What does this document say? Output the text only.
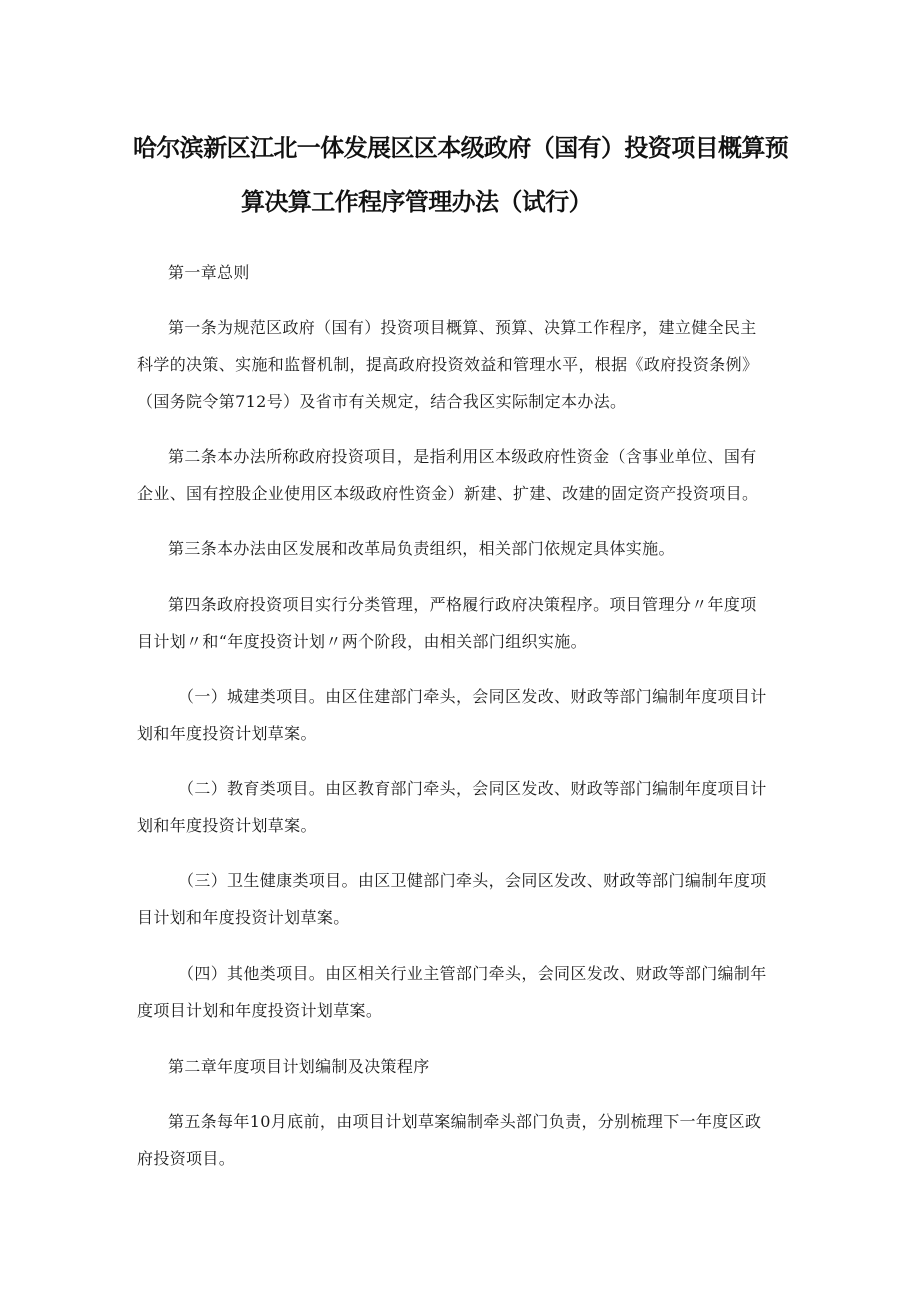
哈尔滨新区江北一体发展区区本级政府（国有）投资项目概算预
算决算工作程序管理办法（试行）
第一章总则
第一条为规范区政府（国有）投资项目概算、预算、决算工作程序，建立健全民主
科学的决策、实施和监督机制，提高政府投资效益和管理水平，根据《政府投资条例》
（国务院令第712号）及省市有关规定，结合我区实际制定本办法。
第二条本办法所称政府投资项目，是指利用区本级政府性资金（含事业单位、国有
企业、国有控股企业使用区本级政府性资金）新建、扩建、改建的固定资产投资项目。
第三条本办法由区发展和改革局负责组织，相关部门依规定具体实施。
第四条政府投资项目实行分类管理，严格履行政府决策程序。项目管理分〃年度项
目计划〃和“年度投资计划〃两个阶段，由相关部门组织实施。
（一）城建类项目。由区住建部门牵头，会同区发改、财政等部门编制年度项目计
划和年度投资计划草案。
（二）教育类项目。由区教育部门牵头，会同区发改、财政等部门编制年度项目计
划和年度投资计划草案。
（三）卫生健康类项目。由区卫健部门牵头，会同区发改、财政等部门编制年度项
目计划和年度投资计划草案。
（四）其他类项目。由区相关行业主管部门牵头，会同区发改、财政等部门编制年
度项目计划和年度投资计划草案。
第二章年度项目计划编制及决策程序
第五条每年10月底前，由项目计划草案编制牵头部门负责，分别梳理下一年度区政
府投资项目。
